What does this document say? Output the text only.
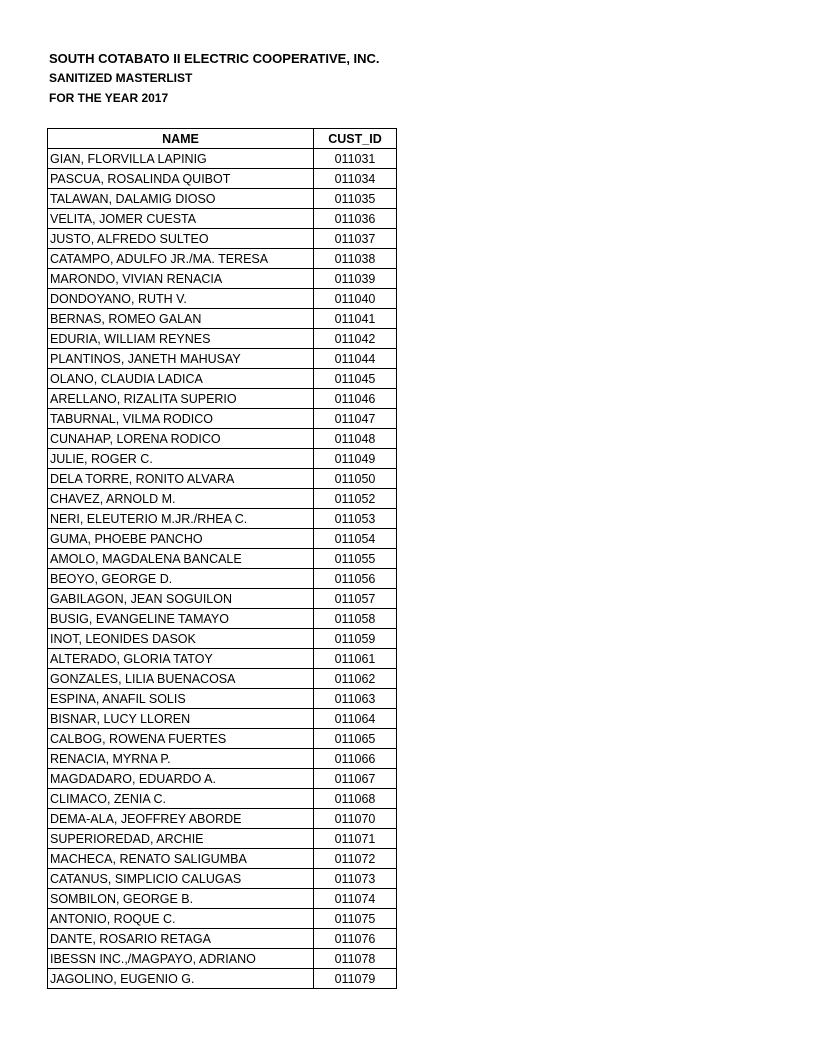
SOUTH COTABATO II ELECTRIC COOPERATIVE, INC.
SANITIZED MASTERLIST
FOR THE YEAR 2017
NAME	CUST_ID
GIAN, FLORVILLA LAPINIG	011031
PASCUA, ROSALINDA QUIBOT	011034
TALAWAN, DALAMIG DIOSO	011035
VELITA, JOMER CUESTA	011036
JUSTO, ALFREDO SULTEO	011037
CATAMPO, ADULFO JR./MA. TERESA	011038
MARONDO, VIVIAN RENACIA	011039
DONDOYANO, RUTH V.	011040
BERNAS, ROMEO GALAN	011041
EDURIA, WILLIAM REYNES	011042
PLANTINOS, JANETH MAHUSAY	011044
OLANO, CLAUDIA LADICA	011045
ARELLANO, RIZALITA SUPERIO	011046
TABURNAL, VILMA RODICO	011047
CUNAHAP, LORENA RODICO	011048
JULIE, ROGER C.	011049
DELA TORRE, RONITO ALVARA	011050
CHAVEZ, ARNOLD M.	011052
NERI, ELEUTERIO M.JR./RHEA C.	011053
GUMA, PHOEBE PANCHO	011054
AMOLO, MAGDALENA BANCALE	011055
BEOYO, GEORGE D.	011056
GABILAGON, JEAN SOGUILON	011057
BUSIG, EVANGELINE TAMAYO	011058
INOT, LEONIDES DASOK	011059
ALTERADO, GLORIA TATOY	011061
GONZALES, LILIA BUENACOSA	011062
ESPINA, ANAFIL SOLIS	011063
BISNAR, LUCY LLOREN	011064
CALBOG, ROWENA FUERTES	011065
RENACIA, MYRNA P.	011066
MAGDADARO, EDUARDO A.	011067
CLIMACO, ZENIA C.	011068
DEMA-ALA, JEOFFREY ABORDE	011070
SUPERIOREDAD, ARCHIE	011071
MACHECA, RENATO SALIGUMBA	011072
CATANUS, SIMPLICIO CALUGAS	011073
SOMBILON, GEORGE B.	011074
ANTONIO, ROQUE C.	011075
DANTE, ROSARIO RETAGA	011076
IBESSN INC.,/MAGPAYO, ADRIANO	011078
JAGOLINO, EUGENIO G.	011079
